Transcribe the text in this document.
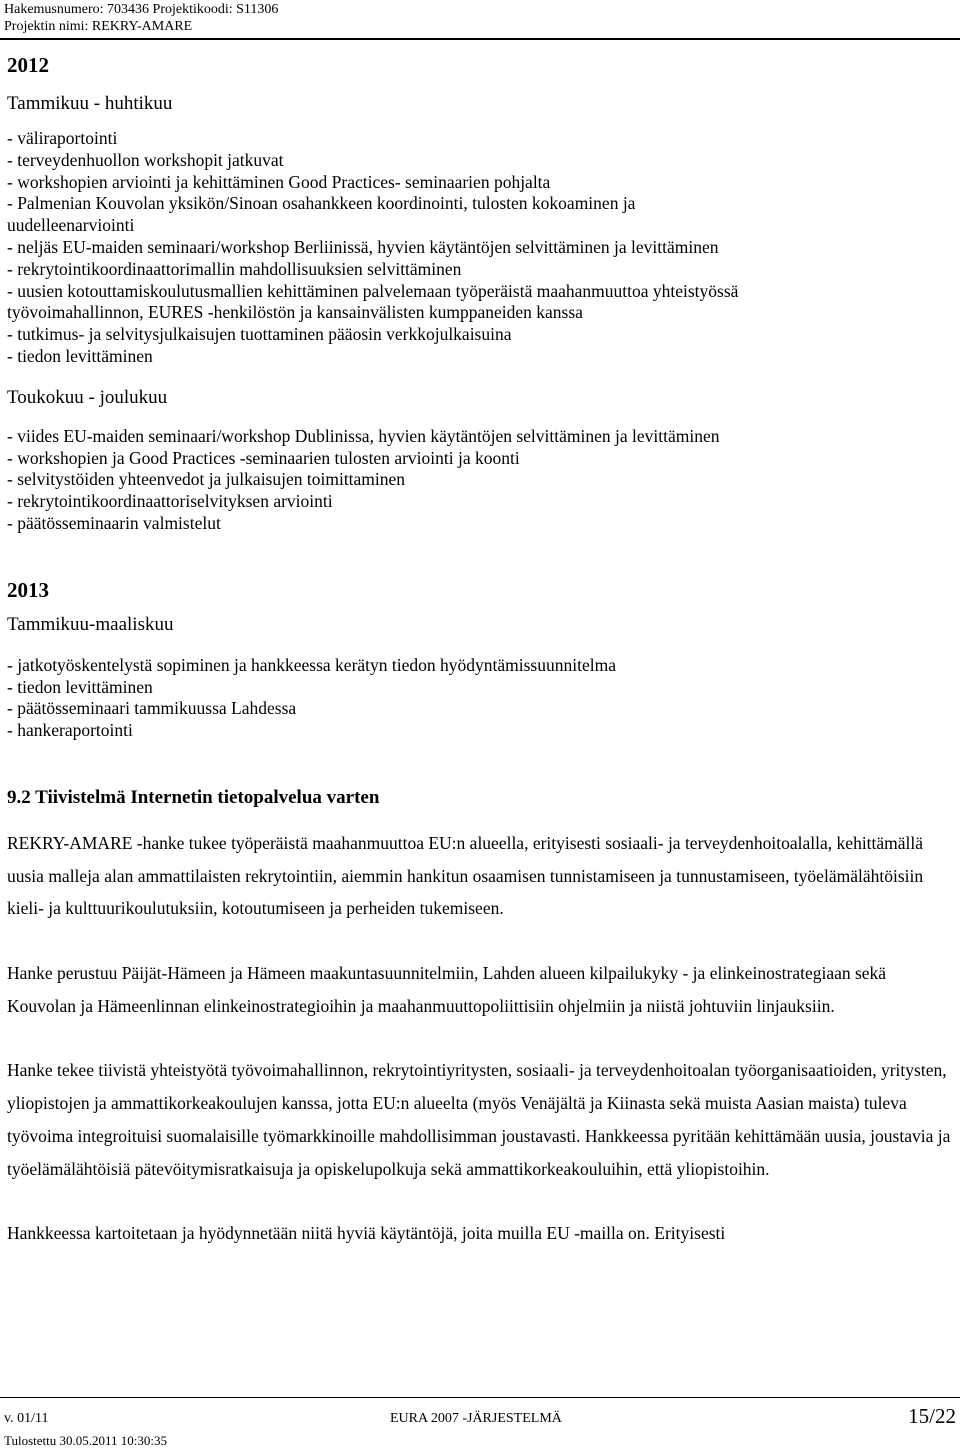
Hakemusnumero: 703436 Projektikoodi: S11306
Projektin nimi: REKRY-AMARE
2012
Tammikuu - huhtikuu
- väliraportointi
- terveydenhuollon workshopit jatkuvat
- workshopien arviointi ja kehittäminen Good Practices- seminaarien pohjalta
- Palmenian Kouvolan yksikön/Sinoan osahankkeen koordinointi, tulosten kokoaminen ja
uudelleenarviointi
- neljäs EU-maiden seminaari/workshop Berliinissä, hyvien käytäntöjen selvittäminen ja levittäminen
- rekrytointikoordinaattorimallin mahdollisuuksien selvittäminen
- uusien kotouttamiskoulutusmallien kehittäminen palvelemaan työperäistä maahanmuuttoa yhteistyössä
työvoimahallinnon, EURES -henkilöstön ja kansainvälisten kumppaneiden kanssa
- tutkimus- ja selvitysjulkaisujen tuottaminen pääosin verkkojulkaisuina
- tiedon levittäminen
Toukokuu - joulukuu
- viides EU-maiden seminaari/workshop Dublinissa, hyvien käytäntöjen selvittäminen ja levittäminen
- workshopien ja Good Practices -seminaarien tulosten arviointi ja koonti
- selvitystöiden yhteenvedot ja julkaisujen toimittaminen
- rekrytointikoordinaattoriselvityksen arviointi
- päätösseminaarin valmistelut
2013
Tammikuu-maaliskuu
- jatkotyöskentelystä sopiminen ja hankkeessa kerätyn tiedon hyödyntämissuunnitelma
- tiedon levittäminen
- päätösseminaari tammikuussa Lahdessa
- hankeraportointi
9.2 Tiivistelmä Internetin tietopalvelua varten

REKRY-AMARE -hanke tukee työperäistä maahanmuuttoa EU:n alueella, erityisesti sosiaali- ja terveydenhoitoalalla, kehittämällä uusia malleja alan ammattilaisten rekrytointiin, aiemmin hankitun osaamisen tunnistamiseen ja tunnustamiseen, työelämälähtöisiin kieli- ja kulttuurikoulutuksiin, kotoutumiseen ja perheiden tukemiseen.

Hanke perustuu Päijät-Hämeen ja Hämeen maakuntasuunnitelmiin, Lahden alueen kilpailukyky - ja elinkeinostrategiaan sekä Kouvolan ja Hämeenlinnan elinkeinostrategioihin ja maahanmuuttopoliittisiin ohjelmiin ja niistä johtuviin linjauksiin.

Hanke tekee tiivistä yhteistyötä työvoimahallinnon, rekrytointiyritysten, sosiaali- ja terveydenhoitoalan työorganisaatioiden, yritysten, yliopistojen ja ammattikorkeakoulujen kanssa, jotta EU:n alueelta (myös Venäjältä ja Kiinasta sekä muista Aasian maista) tuleva työvoima integroituisi suomalaisille työmarkkinoille mahdollisimman joustavasti. Hankkeessa pyritään kehittämään uusia, joustavia ja työelämälähtöisiä pätevöitymisratkaisuja ja opiskelupolkuja sekä ammattikorkeakouluihin, että yliopistoihin.

Hankkeessa kartoitetaan ja hyödynnetään niitä hyviä käytäntöjä, joita muilla EU -mailla on. Erityisesti

v. 01/11	EURA 2007 -JÄRJESTELMÄ	15/22
Tulostettu 30.05.2011 10:30:35
